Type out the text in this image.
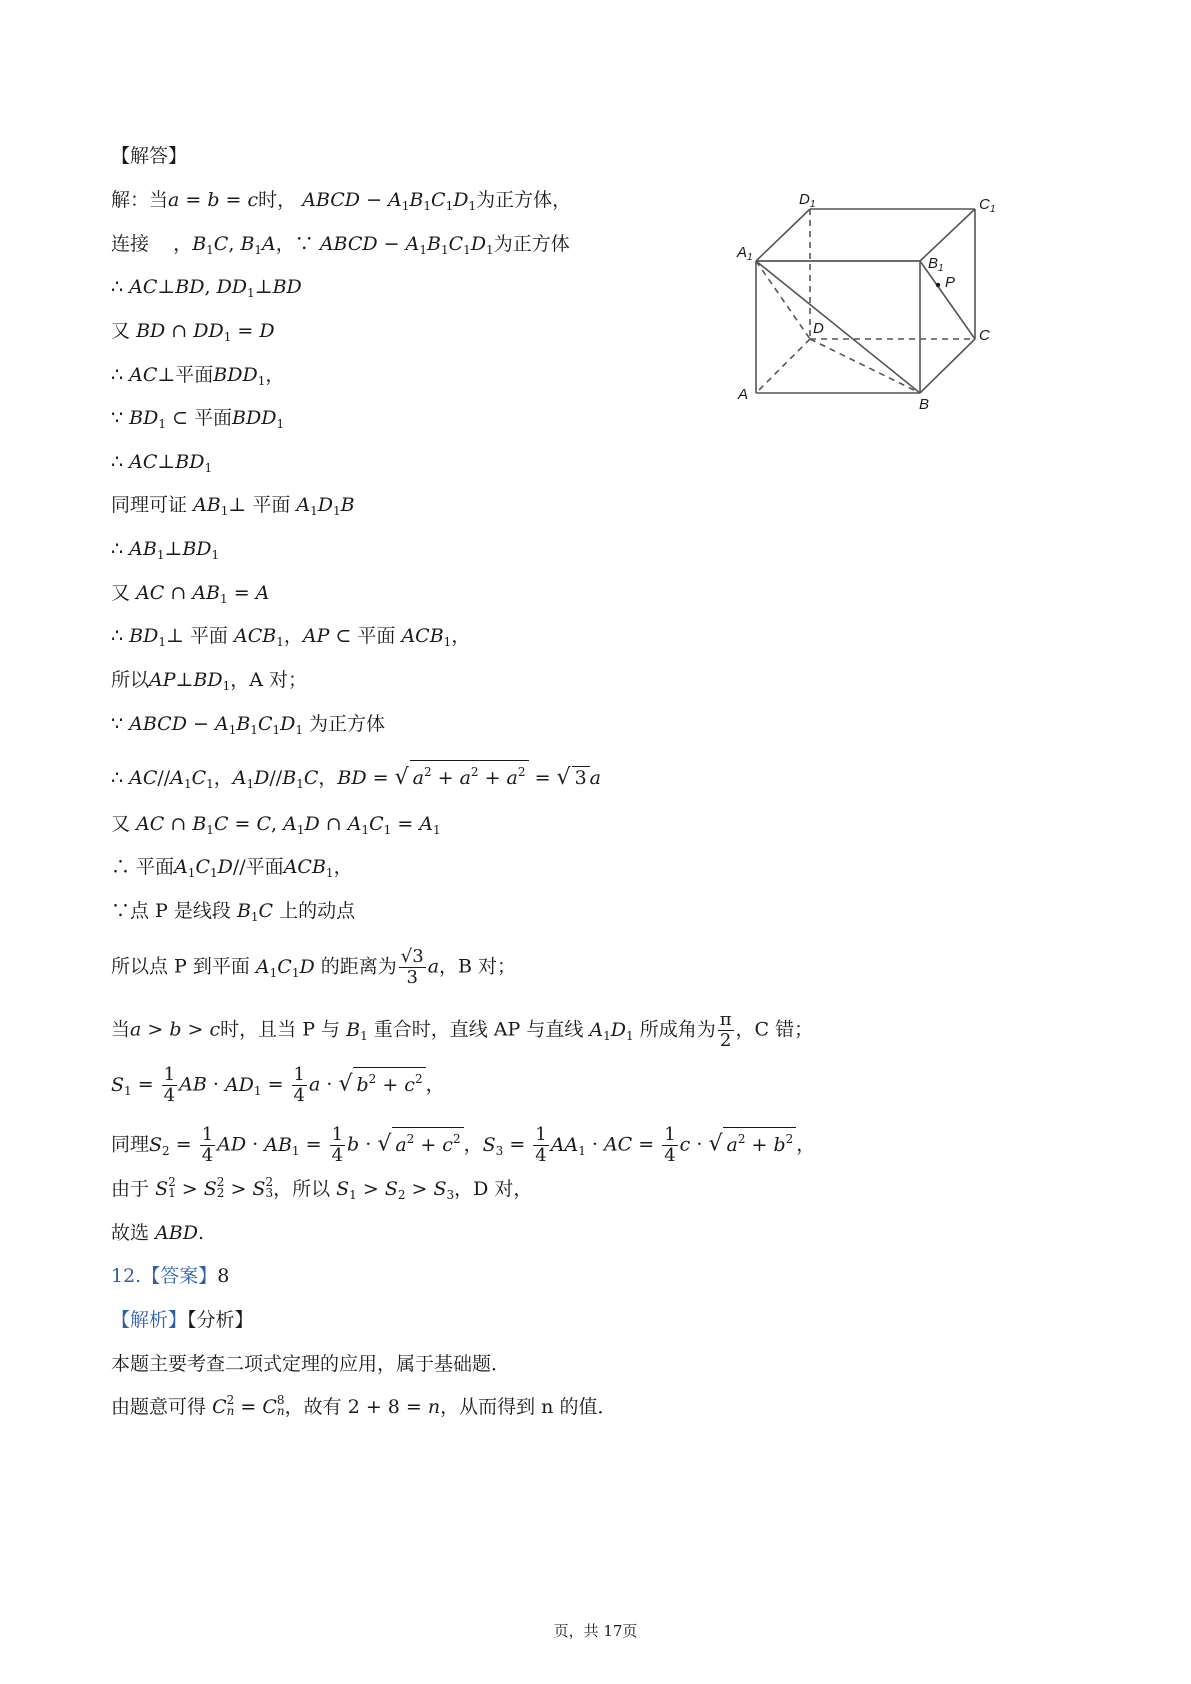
【解答】
解：当a = b = c时， ABCD − $A_1B_1C_1D_1$为正方体，
连接    ，$B_1C$, $B_1A$，∵ ABCD − $A_1B_1C_1D_1$为正方体
∴ AC⊥BD, $DD_1\perp BD$
又 BD ∩ $DD_1 = D$
∴ AC⊥平面$BDD_1$，
∵ $BD_1$ ⊂ 平面$BDD_1$
∴ $AC\perp BD_1$
同理可证 $AB_1\perp$ 平面 $A_1D_1B$
∴ $AB_1\perp BD_1$
又 AC ∩ $AB_1 = A$
∴ $BD_1\perp$ 平面 $ACB_1$，AP ⊂ 平面 $ACB_1$，
所以$AP\perp BD_1$，A 对；
∵ ABCD − $A_1B_1C_1D_1$ 为正方体
∴ $AC//A_1C_1$，$A_1D//B_1C$，BD = √ $a^2 + a^2 + a^2$ = √ 3 a
又 AC ∩ $B_1C = C$, $A_1D$ ∩ $A_1C_1 = A_1$
∴ 平面$A_1C_1D//$平面$ACB_1$，
∵点 P 是线段 $B_1C$ 上的动点
所以点 P 到平面 $A_1C_1D$ 的距离为 $\frac{√3}{3}$ a，B 对；
当a > b > c时，且当 P 与 $B_1$ 重合时，直线 AP 与直线 $A_1D_1$ 所成角为 $\frac{\pi}{2}$ ，C 错；
$S_1 = \frac{1}{4}$ AB · $AD_1 = \frac{1}{4}$ a · √ $b^2 + c^2$ ，
同理$S_2 = \frac{1}{4}$ AD · $AB_1 = \frac{1}{4}$ b · √ $a^2 + c^2$ ，$S_3 = \frac{1}{4} AA_1$ · AC = $\frac{1}{4}$ c · √ $a^2 + b^2$ ，
由于 S 2
1 > S 2
2 > S 2
3 ，所以 $S_1 > S_2 > S_3$，D 对，
故选 ABD.
12.【答案】8
【解析】【分析】
本题主要考查二项式定理的应用，属于基础题．
由题意可得 C 2
n = C 8
n ，故有 2 + 8 = n，从而得到 n 的值．
$D_1$	$C_1$
$A_1$	$B_1$
P
D	C
A
B
页，共 17页
